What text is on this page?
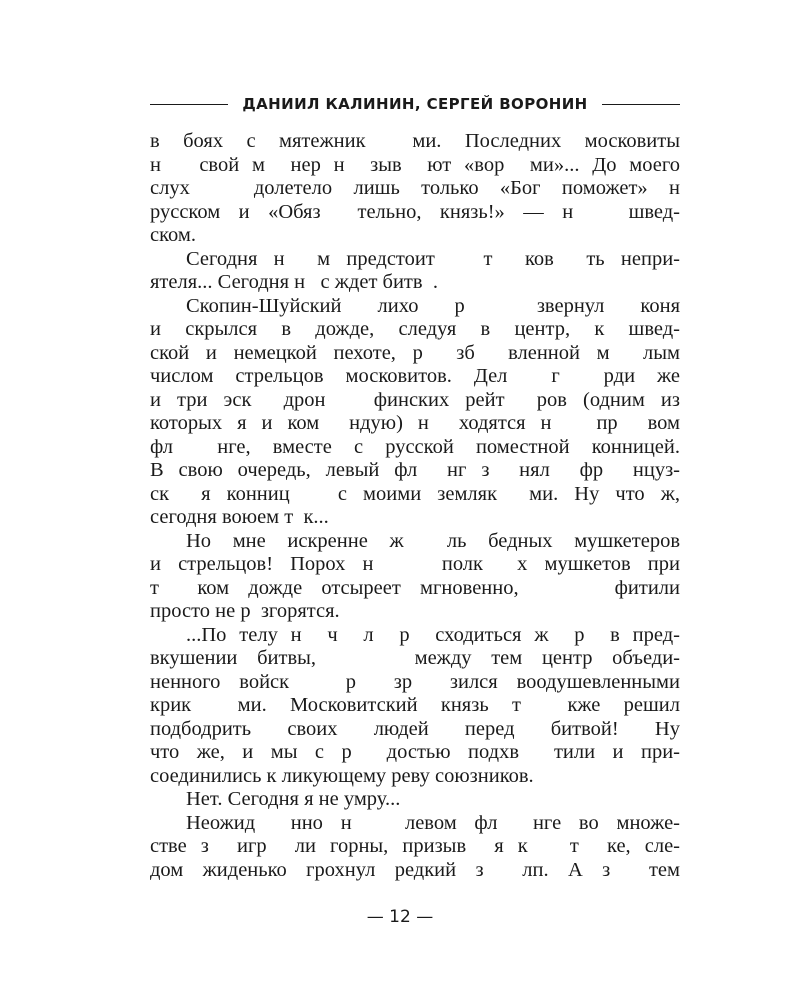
ДАНИИЛ КАЛИНИН, СЕРГЕЙ ВОРОНИН
в боях с мятежник  ми. Последних московиты
н   свой м  нер н  зыв  ют «вор  ми»... До моего
слух   долетело лишь только «Бог поможет» н
русском и «Обяз  тельно, князь!» — н   швед-
ском.
Сегодня н  м предстоит   т  ков  ть непри-
ятеля... Сегодня н   с ждет битв  .
Скопин-Шуйский лихо р  звернул коня
и скрылся в дожде, следуя в центр, к швед-
ской и немецкой пехоте, р  зб  вленной м  лым
числом стрельцов московитов. Дел  г  рди же
и три эск  дрон   финских рейт  ров (одним из
которых я и ком  ндую) н  ходятся н   пр  вом
фл  нге, вместе с русской поместной конницей.
В свою очередь, левый фл  нг з  нял  фр  нцуз-
ск  я конниц   с моими земляк  ми. Ну что ж,
сегодня воюем т  к...
Но мне искренне ж  ль бедных мушкетеров
и стрельцов! Порох н    полк  х мушкетов при
т  ком дожде отсыреет мгновенно,     фитили
просто не р  згорятся.
...По телу н  ч  л  р  сходиться ж  р  в пред-
вкушении битвы,     между тем центр объеди-
ненного войск   р  зр  зился воодушевленными
крик  ми. Московитский князь т  кже решил
подбодрить своих людей перед битвой! Ну
что же, и мы с р  достью подхв  тили и при-
соединились к ликующему реву союзников.
Нет. Сегодня я не умру...
Неожид  нно н   левом фл  нге во множе-
стве з  игр  ли горны, призыв  я к   т  ке, сле-
дом жиденько грохнул редкий з  лп. А з  тем
— 12 —
